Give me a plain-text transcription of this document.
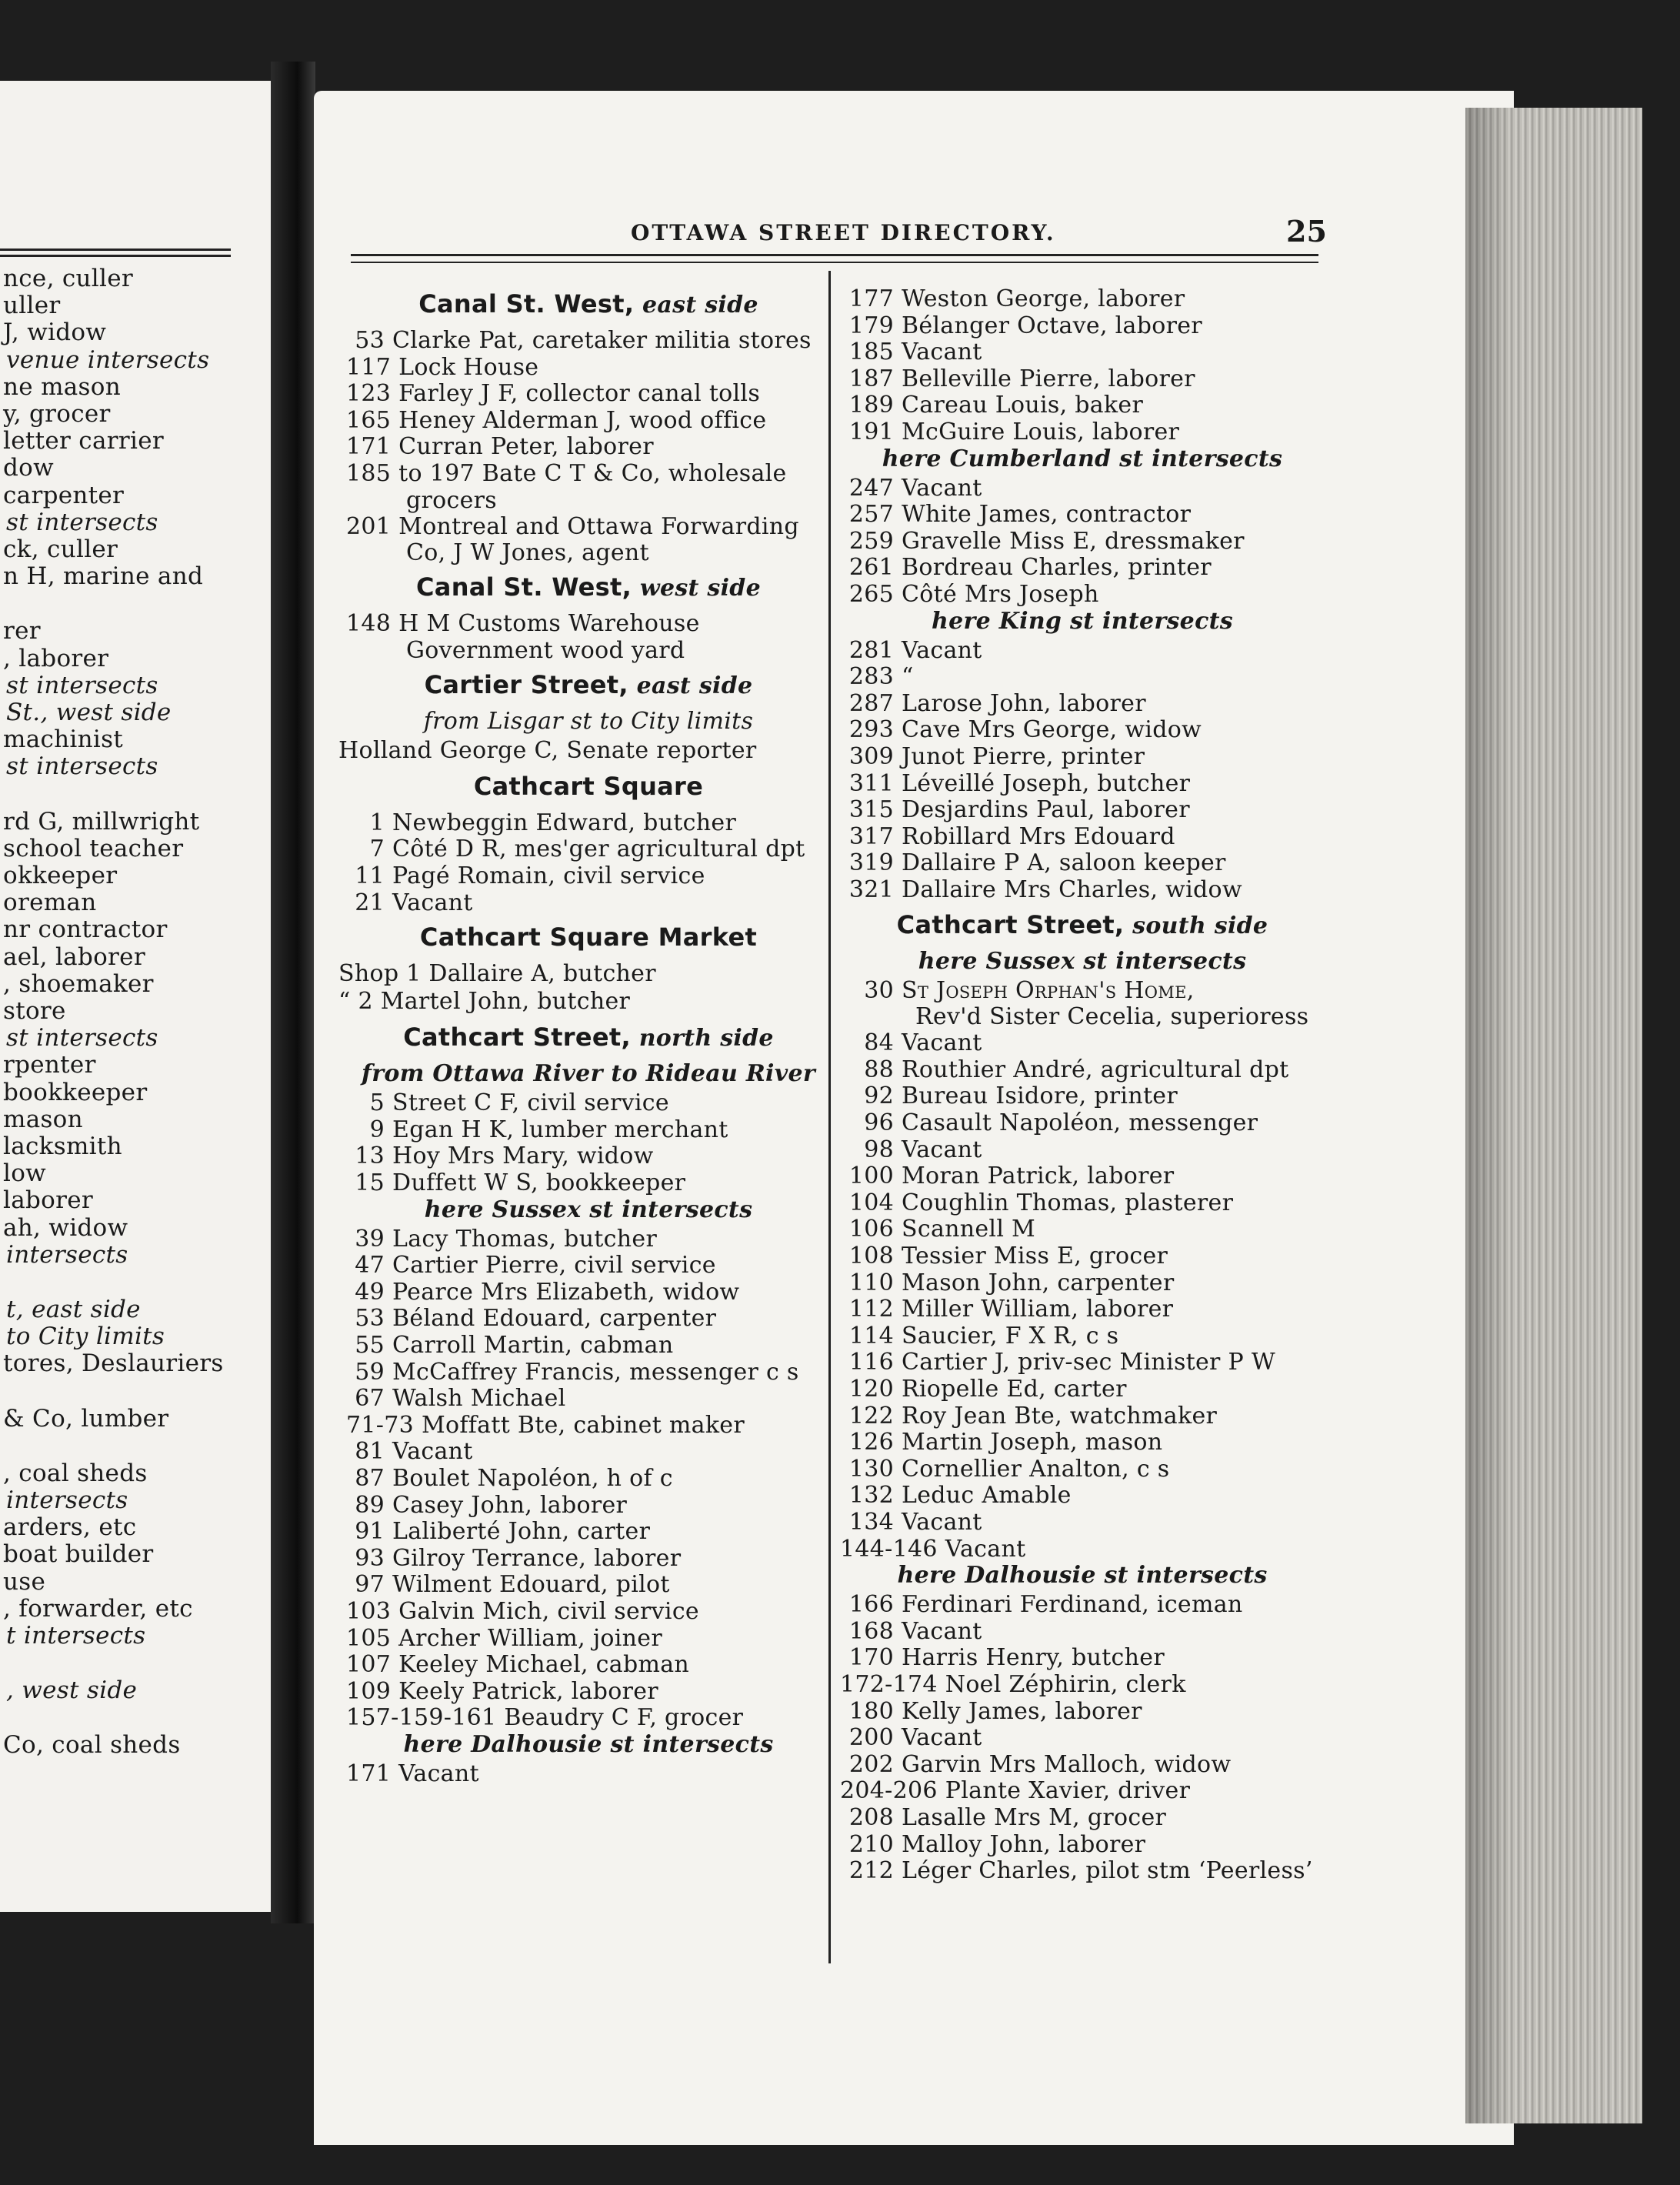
nce, culler
uller
J, widow
venue intersects
ne mason
y, grocer
letter carrier
dow
carpenter
st intersects
ck, culler
n H, marine and
rer
, laborer
st intersects
St., west side
machinist
st intersects
rd G, millwright
school teacher
okkeeper
oreman
nr contractor
ael, laborer
, shoemaker
store
st intersects
rpenter
bookkeeper
mason
lacksmith
low
laborer
ah, widow
intersects
t, east side
to City limits
tores, Deslauriers
& Co, lumber
, coal sheds
intersects
arders, etc
boat builder
use
, forwarder, etc
t intersects
, west side
Co, coal sheds
OTTAWA STREET DIRECTORY.	25
Canal St. West, east side
53 Clarke Pat, caretaker militia stores
117 Lock House
123 Farley J F, collector canal tolls
165 Heney Alderman J, wood office
171 Curran Peter, laborer
185 to 197 Bate C T & Co, wholesale
grocers
201 Montreal and Ottawa Forwarding
Co, J W Jones, agent
Canal St. West, west side
148 H M Customs Warehouse
Government wood yard
Cartier Street, east side
from Lisgar st to City limits
Holland George C, Senate reporter
Cathcart Square
1 Newbeggin Edward, butcher
7 Côté D R, mes'ger agricultural dpt
11 Pagé Romain, civil service
21 Vacant
Cathcart Square Market
Shop 1 Dallaire A, butcher
“ 2 Martel John, butcher
Cathcart Street, north side
from Ottawa River to Rideau River
5 Street C F, civil service
9 Egan H K, lumber merchant
13 Hoy Mrs Mary, widow
15 Duffett W S, bookkeeper
here Sussex st intersects
39 Lacy Thomas, butcher
47 Cartier Pierre, civil service
49 Pearce Mrs Elizabeth, widow
53 Béland Edouard, carpenter
55 Carroll Martin, cabman
59 McCaffrey Francis, messenger c s
67 Walsh Michael
71-73 Moffatt Bte, cabinet maker
81 Vacant
87 Boulet Napoléon, h of c
89 Casey John, laborer
91 Laliberté John, carter
93 Gilroy Terrance, laborer
97 Wilment Edouard, pilot
103 Galvin Mich, civil service
105 Archer William, joiner
107 Keeley Michael, cabman
109 Keely Patrick, laborer
157-159-161 Beaudry C F, grocer
here Dalhousie st intersects
171 Vacant
177 Weston George, laborer
179 Bélanger Octave, laborer
185 Vacant
187 Belleville Pierre, laborer
189 Careau Louis, baker
191 McGuire Louis, laborer
here Cumberland st intersects
247 Vacant
257 White James, contractor
259 Gravelle Miss E, dressmaker
261 Bordreau Charles, printer
265 Côté Mrs Joseph
here King st intersects
281 Vacant
283 “
287 Larose John, laborer
293 Cave Mrs George, widow
309 Junot Pierre, printer
311 Léveillé Joseph, butcher
315 Desjardins Paul, laborer
317 Robillard Mrs Edouard
319 Dallaire P A, saloon keeper
321 Dallaire Mrs Charles, widow
Cathcart Street, south side
here Sussex st intersects
30 St Joseph Orphan's Home,
Rev'd Sister Cecelia, superioress
84 Vacant
88 Routhier André, agricultural dpt
92 Bureau Isidore, printer
96 Casault Napoléon, messenger
98 Vacant
100 Moran Patrick, laborer
104 Coughlin Thomas, plasterer
106 Scannell M
108 Tessier Miss E, grocer
110 Mason John, carpenter
112 Miller William, laborer
114 Saucier, F X R, c s
116 Cartier J, priv-sec Minister P W
120 Riopelle Ed, carter
122 Roy Jean Bte, watchmaker
126 Martin Joseph, mason
130 Cornellier Analton, c s
132 Leduc Amable
134 Vacant
144-146 Vacant
here Dalhousie st intersects
166 Ferdinari Ferdinand, iceman
168 Vacant
170 Harris Henry, butcher
172-174 Noel Zéphirin, clerk
180 Kelly James, laborer
200 Vacant
202 Garvin Mrs Malloch, widow
204-206 Plante Xavier, driver
208 Lasalle Mrs M, grocer
210 Malloy John, laborer
212 Léger Charles, pilot stm ‘Peerless’
